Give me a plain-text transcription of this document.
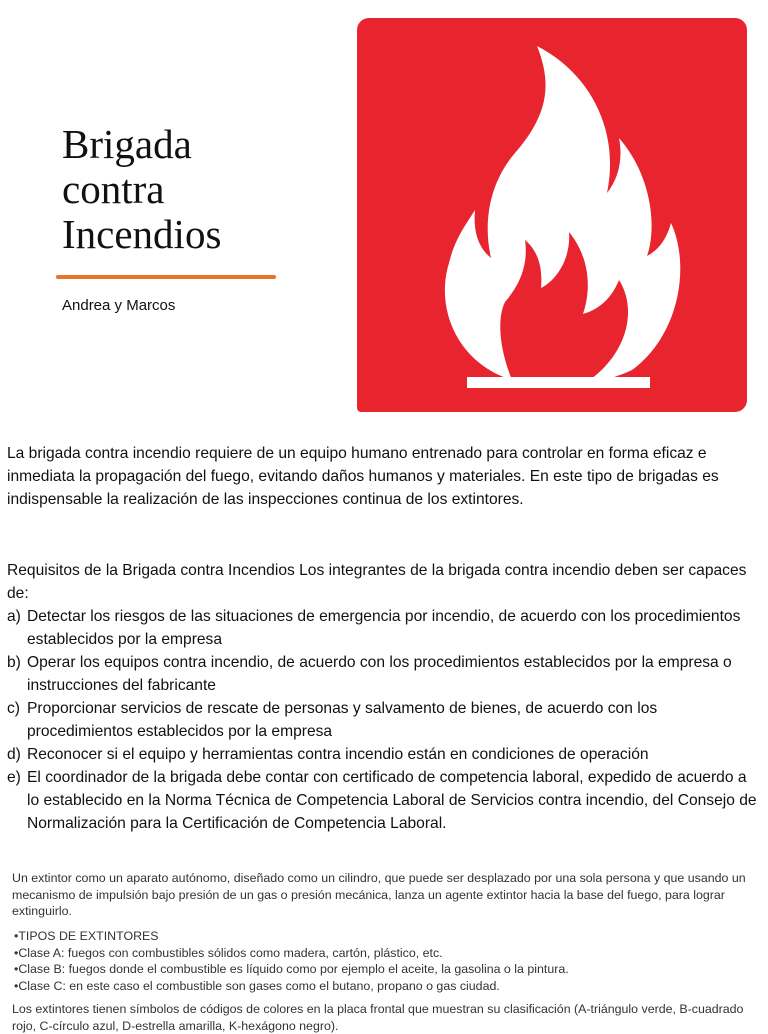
Brigada
contra
Incendios
Andrea y Marcos

La brigada contra incendio requiere de un equipo humano entrenado para controlar en forma eficaz e inmediata la propagación del fuego, evitando daños humanos y materiales. En este tipo de brigadas es indispensable la realización de las inspecciones continua de los extintores.

Requisitos de la Brigada contra Incendios Los integrantes de la brigada contra incendio deben ser capaces de:

a) Detectar los riesgos de las situaciones de emergencia por incendio, de acuerdo con los procedimientos establecidos por la empresa
b) Operar los equipos contra incendio, de acuerdo con los procedimientos establecidos por la empresa o instrucciones del fabricante
c) Proporcionar servicios de rescate de personas y salvamento de bienes, de acuerdo con los procedimientos establecidos por la empresa
d) Reconocer si el equipo y herramientas contra incendio están en condiciones de operación
e) El coordinador de la brigada debe contar con certificado de competencia laboral, expedido de acuerdo a lo establecido en la Norma Técnica de Competencia Laboral de Servicios contra incendio, del Consejo de Normalización para la Certificación de Competencia Laboral.

Un extintor como un aparato autónomo, diseñado como un cilindro, que puede ser desplazado por una sola persona y que usando un mecanismo de impulsión bajo presión de un gas o presión mecánica, lanza un agente extintor hacia la base del fuego, para lograr extinguirlo.

•TIPOS DE EXTINTORES
•Clase A: fuegos con combustibles sólidos como madera, cartón, plástico, etc.
•Clase B: fuegos donde el combustible es líquido como por ejemplo el aceite, la gasolina o la pintura.
•Clase C: en este caso el combustible son gases como el butano, propano o gas ciudad.

Los extintores tienen símbolos de códigos de colores en la placa frontal que muestran su clasificación (A-triángulo verde, B-cuadrado rojo, C-círculo azul, D-estrella amarilla, K-hexágono negro).
